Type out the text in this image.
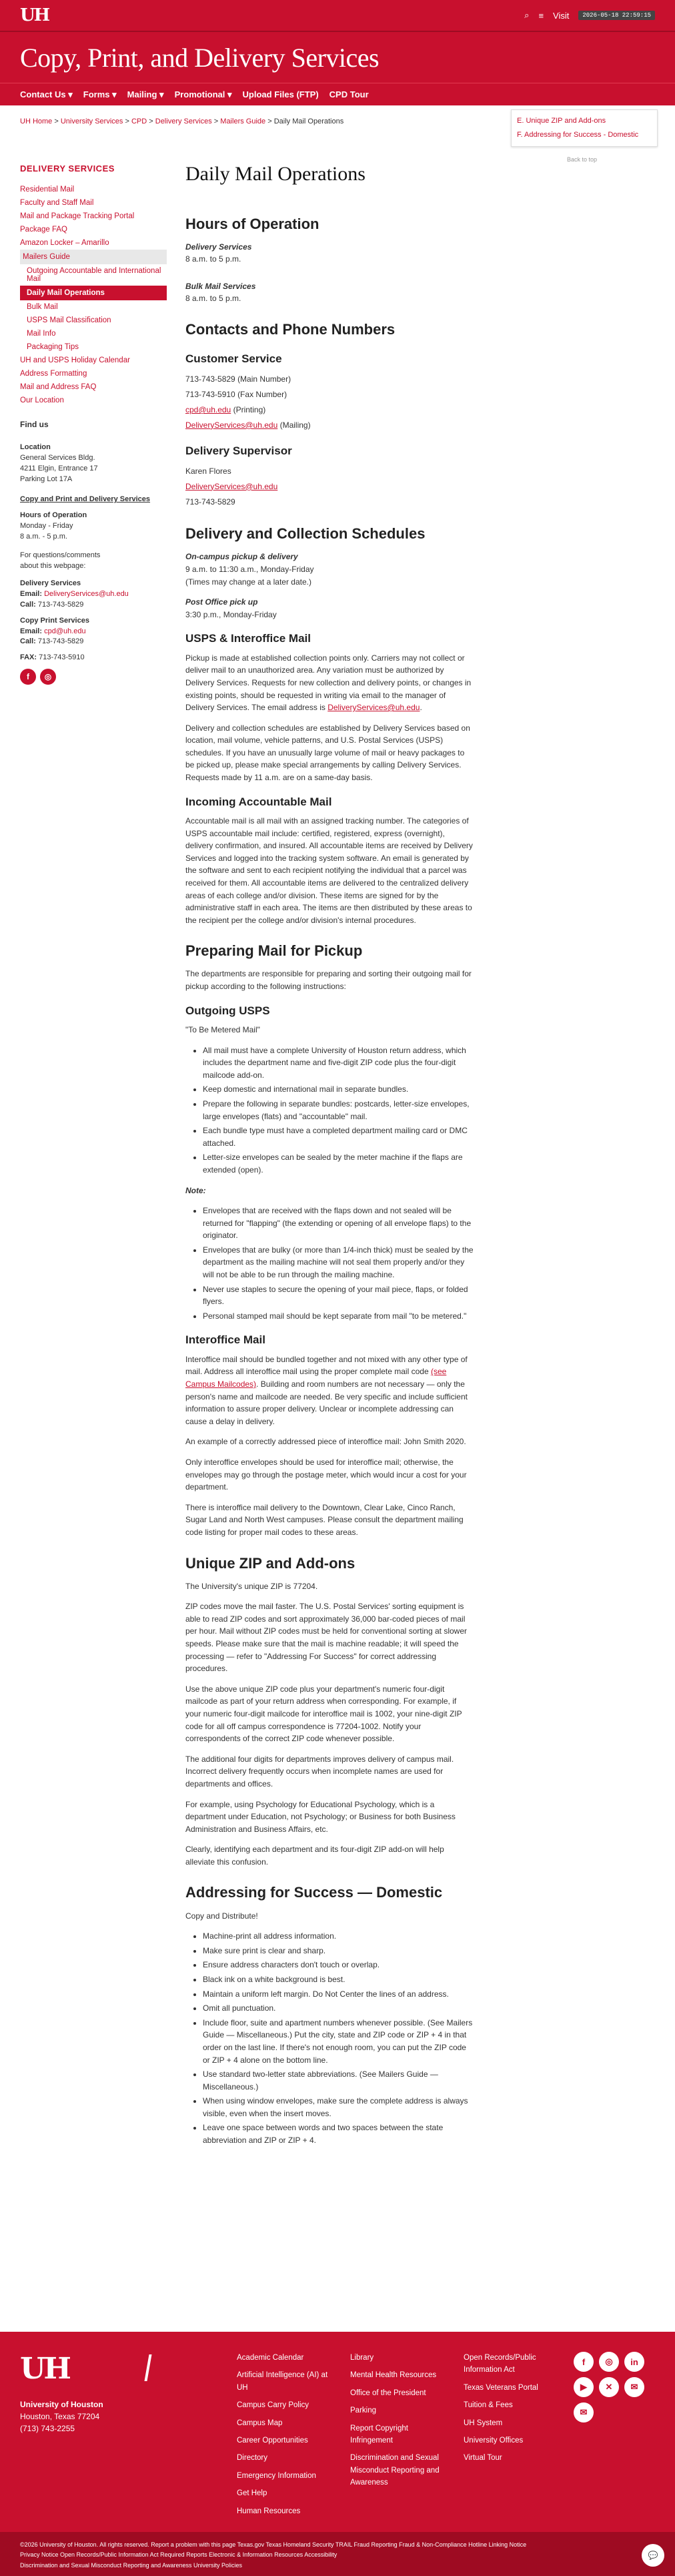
UH	⌕ ≡ Visit	2026-05-18 22:59:15
Copy, Print, and Delivery Services
Contact Us ▾ Forms ▾ Mailing ▾ Promotional ▾ Upload Files (FTP) CPD Tour
UH Home > University Services > CPD > Delivery Services > Mailers Guide > Daily Mail Operations	E. Unique ZIP and Add-ons
F. Addressing for Success - Domestic
Back to top
DELIVERY SERVICES
Residential Mail
Faculty and Staff Mail
Mail and Package Tracking Portal
Package FAQ
Amazon Locker – Amarillo
Mailers Guide
Outgoing Accountable and International Mail
Daily Mail Operations
Bulk Mail
USPS Mail Classification
Mail Info
Packaging Tips
UH and USPS Holiday Calendar
Address Formatting
Mail and Address FAQ
Our Location
Find us
Location
General Services Bldg.
4211 Elgin, Entrance 17
Parking Lot 17A
Copy and Print and Delivery Services
Hours of Operation
Monday - Friday
8 a.m. - 5 p.m.
For questions/comments about this webpage:
Delivery Services
Email: DeliveryServices@uh.edu
Call: 713-743-5829
Copy Print Services
Email: cpd@uh.edu
Call: 713-743-5829
FAX: 713-743-5910
f	◎
Daily Mail Operations
Hours of Operation

Delivery Services
8 a.m. to 5 p.m.

Bulk Mail Services
8 a.m. to 5 p.m.

Contacts and Phone Numbers
Customer Service

713-743-5829 (Main Number)
713-743-5910 (Fax Number)
cpd@uh.edu (Printing)
DeliveryServices@uh.edu (Mailing)

Delivery Supervisor

Karen Flores
DeliveryServices@uh.edu
713-743-5829

Delivery and Collection Schedules

On-campus pickup & delivery
9 a.m. to 11:30 a.m., Monday-Friday
(Times may change at a later date.)

Post Office pick up
3:30 p.m., Monday-Friday

USPS & Interoffice Mail

Pickup is made at established collection points only. Carriers may not collect or deliver mail to an unauthorized area. Any variation must be authorized by Delivery Services. Requests for new collection and delivery points, or changes in existing points, should be requested in writing via email to the manager of Delivery Services. The email address is DeliveryServices@uh.edu.

Delivery and collection schedules are established by Delivery Services based on location, mail volume, vehicle patterns, and U.S. Postal Services (USPS) schedules. If you have an unusually large volume of mail or heavy packages to be picked up, please make special arrangements by calling Delivery Services. Requests made by 11 a.m. are on a same-day basis.

Incoming Accountable Mail

Accountable mail is all mail with an assigned tracking number. The categories of USPS accountable mail include: certified, registered, express (overnight), delivery confirmation, and insured. All accountable items are received by Delivery Services and logged into the tracking system software. An email is generated by the software and sent to each recipient notifying the individual that a parcel was received for them. All accountable items are delivered to the centralized delivery areas of each college and/or division. These items are signed for by the administrative staff in each area. The items are then distributed by these areas to the recipient per the college and/or division's internal procedures.

Preparing Mail for Pickup

The departments are responsible for preparing and sorting their outgoing mail for pickup according to the following instructions:

Outgoing USPS

"To Be Metered Mail"

• All mail must have a complete University of Houston return address, which includes the department name and five-digit ZIP code plus the four-digit mailcode add-on.
• Keep domestic and international mail in separate bundles.
• Prepare the following in separate bundles: postcards, letter-size envelopes, large envelopes (flats) and "accountable" mail.
• Each bundle type must have a completed department mailing card or DMC attached.
• Letter-size envelopes can be sealed by the meter machine if the flaps are extended (open).

Note:

• Envelopes that are received with the flaps down and not sealed will be returned for "flapping" (the extending or opening of all envelope flaps) to the originator.
• Envelopes that are bulky (or more than 1/4-inch thick) must be sealed by the department as the mailing machine will not seal them properly and/or they will not be able to be run through the mailing machine.
• Never use staples to secure the opening of your mail piece, flaps, or folded flyers.
• Personal stamped mail should be kept separate from mail "to be metered."
Interoffice Mail

Interoffice mail should be bundled together and not mixed with any other type of mail. Address all interoffice mail using the proper complete mail code (see Campus Mailcodes). Building and room numbers are not necessary — only the person's name and mailcode are needed. Be very specific and include sufficient information to assure proper delivery. Unclear or incomplete addressing can cause a delay in delivery.

An example of a correctly addressed piece of interoffice mail: John Smith 2020.

Only interoffice envelopes should be used for interoffice mail; otherwise, the envelopes may go through the postage meter, which would incur a cost for your department.

There is interoffice mail delivery to the Downtown, Clear Lake, Cinco Ranch, Sugar Land and North West campuses. Please consult the department mailing code listing for proper mail codes to these areas.

Unique ZIP and Add-ons

The University's unique ZIP is 77204.

ZIP codes move the mail faster. The U.S. Postal Services' sorting equipment is able to read ZIP codes and sort approximately 36,000 bar-coded pieces of mail per hour. Mail without ZIP codes must be held for conventional sorting at slower speeds. Please make sure that the mail is machine readable; it will speed the processing — refer to "Addressing For Success" for correct addressing procedures.

Use the above unique ZIP code plus your department's numeric four-digit mailcode as part of your return address when corresponding. For example, if your numeric four-digit mailcode for interoffice mail is 1002, your nine-digit ZIP code for all off campus correspondence is 77204-1002. Notify your correspondents of the correct ZIP code whenever possible.

The additional four digits for departments improves delivery of campus mail. Incorrect delivery frequently occurs when incomplete names are used for departments and offices.

For example, using Psychology for Educational Psychology, which is a department under Education, not Psychology; or Business for both Business Administration and Business Affairs, etc.

Clearly, identifying each department and its four-digit ZIP add-on will help alleviate this confusion.

Addressing for Success — Domestic

Copy and Distribute!

• Machine-print all address information.
• Make sure print is clear and sharp.
• Ensure address characters don't touch or overlap.
• Black ink on a white background is best.
• Maintain a uniform left margin. Do Not Center the lines of an address.
• Omit all punctuation.
• Include floor, suite and apartment numbers whenever possible. (See Mailers Guide — Miscellaneous.) Put the city, state and ZIP code or ZIP + 4 in that order on the last line. If there's not enough room, you can put the ZIP code or ZIP + 4 alone on the bottom line.
• Use standard two-letter state abbreviations. (See Mailers Guide — Miscellaneous.)
• When using window envelopes, make sure the complete address is always visible, even when the insert moves.
• Leave one space between words and two spaces between the state abbreviation and ZIP or ZIP + 4.
UH
University of Houston
Houston, Texas 77204
(713) 743-2255
Academic Calendar
Artificial Intelligence (AI) at UH
Campus Carry Policy
Campus Map
Career Opportunities
Directory
Emergency Information
Get Help
Human Resources
Library
Mental Health Resources
Office of the President
Parking
Report Copyright Infringement
Discrimination and Sexual Misconduct Reporting and Awareness
Open Records/Public Information Act
Texas Veterans Portal
Tuition & Fees
UH System
University Offices
Virtual Tour
f	◎	in
▶	✕	✉
✉
©2026 University of Houston. All rights reserved. Report a problem with this page Texas.gov Texas Homeland Security TRAIL Fraud Reporting Fraud & Non-Compliance Hotline Linking Notice
Privacy Notice Open Records/Public Information Act Required Reports Electronic & Information Resources Accessibility
Discrimination and Sexual Misconduct Reporting and Awareness University Policies
💬
